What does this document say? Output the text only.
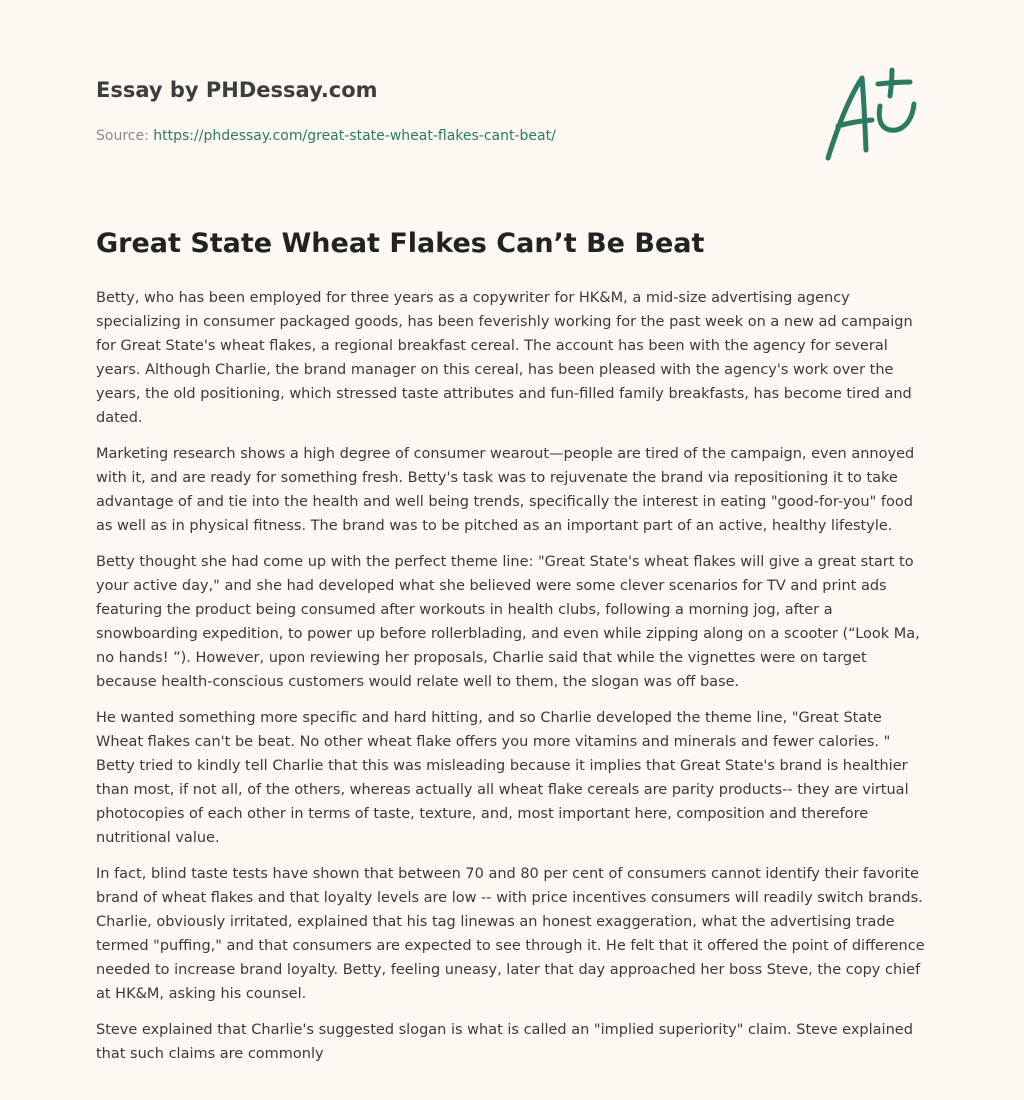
Essay by PHDessay.com
Source: https://phdessay.com/great-state-wheat-flakes-cant-beat/
Great State Wheat Flakes Can’t Be Beat

Betty, who has been employed for three years as a copywriter for HK&M, a mid-size advertising agency specializing in consumer packaged goods, has been feverishly working for the past week on a new ad campaign for Great State's wheat flakes, a regional breakfast cereal. The account has been with the agency for several years. Although Charlie, the brand manager on this cereal, has been pleased with the agency's work over the years, the old positioning, which stressed taste attributes and fun-filled family breakfasts, has become tired and dated.

Marketing research shows a high degree of consumer wearout—people are tired of the campaign, even annoyed with it, and are ready for something fresh. Betty's task was to rejuvenate the brand via repositioning it to take advantage of and tie into the health and well being trends, specifically the interest in eating "good-for-you" food as well as in physical fitness. The brand was to be pitched as an important part of an active, healthy lifestyle.

Betty thought she had come up with the perfect theme line: "Great State's wheat flakes will give a great start to your active day," and she had developed what she believed were some clever scenarios for TV and print ads featuring the product being consumed after workouts in health clubs, following a morning jog, after a snowboarding expedition, to power up before rollerblading, and even while zipping along on a scooter (“Look Ma, no hands! ”). However, upon reviewing her proposals, Charlie said that while the vignettes were on target because health-conscious customers would relate well to them, the slogan was off base.

He wanted something more specific and hard hitting, and so Charlie developed the theme line, "Great State Wheat flakes can't be beat. No other wheat flake offers you more vitamins and minerals and fewer calories. " Betty tried to kindly tell Charlie that this was misleading because it implies that Great State's brand is healthier than most, if not all, of the others, whereas actually all wheat flake cereals are parity products-- they are virtual photocopies of each other in terms of taste, texture, and, most important here, composition and therefore nutritional value.

In fact, blind taste tests have shown that between 70 and 80 per cent of consumers cannot identify their favorite brand of wheat flakes and that loyalty levels are low -- with price incentives consumers will readily switch brands. Charlie, obviously irritated, explained that his tag linewas an honest exaggeration, what the advertising trade termed "puffing," and that consumers are expected to see through it. He felt that it offered the point of difference needed to increase brand loyalty. Betty, feeling uneasy, later that day approached her boss Steve, the copy chief at HK&M, asking his counsel.

Steve explained that Charlie's suggested slogan is what is called an "implied superiority" claim. Steve explained that such claims are commonly
